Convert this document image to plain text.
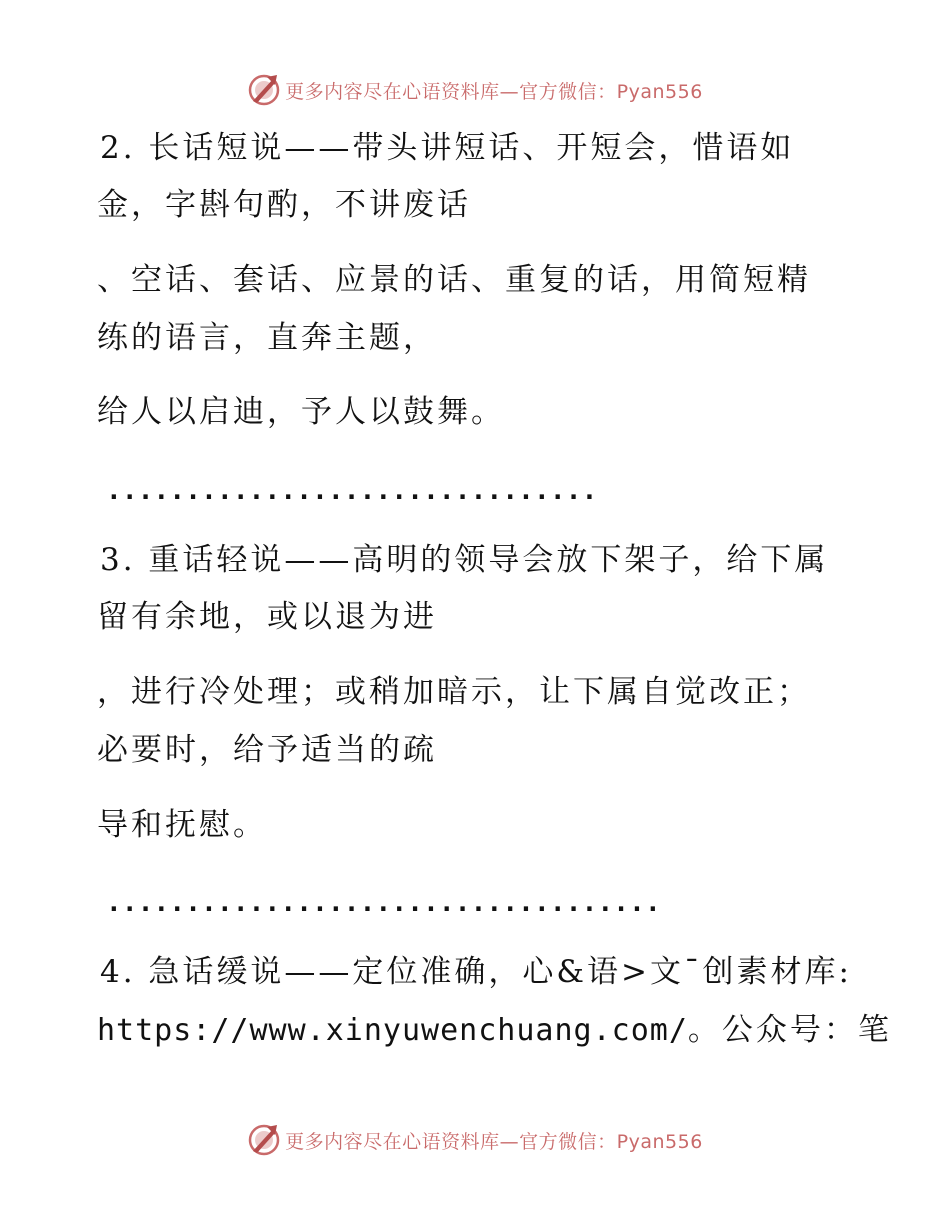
更多内容尽在心语资料库—官方微信：Pyan556
2. 长话短说——带头讲短话、开短会，惜语如
金，字斟句酌，不讲废话
、空话、套话、应景的话、重复的话，用简短精
练的语言，直奔主题，
给人以启迪，予人以鼓舞。
...............................
3. 重话轻说——高明的领导会放下架子，给下属
留有余地，或以退为进
，进行冷处理；或稍加暗示，让下属自觉改正；
必要时，给予适当的疏
导和抚慰。
...................................
4. 急话缓说——定位准确，心&语>文¯创素材库:
https://www.xinyuwenchuang.com/。公众号：笔
更多内容尽在心语资料库—官方微信：Pyan556
